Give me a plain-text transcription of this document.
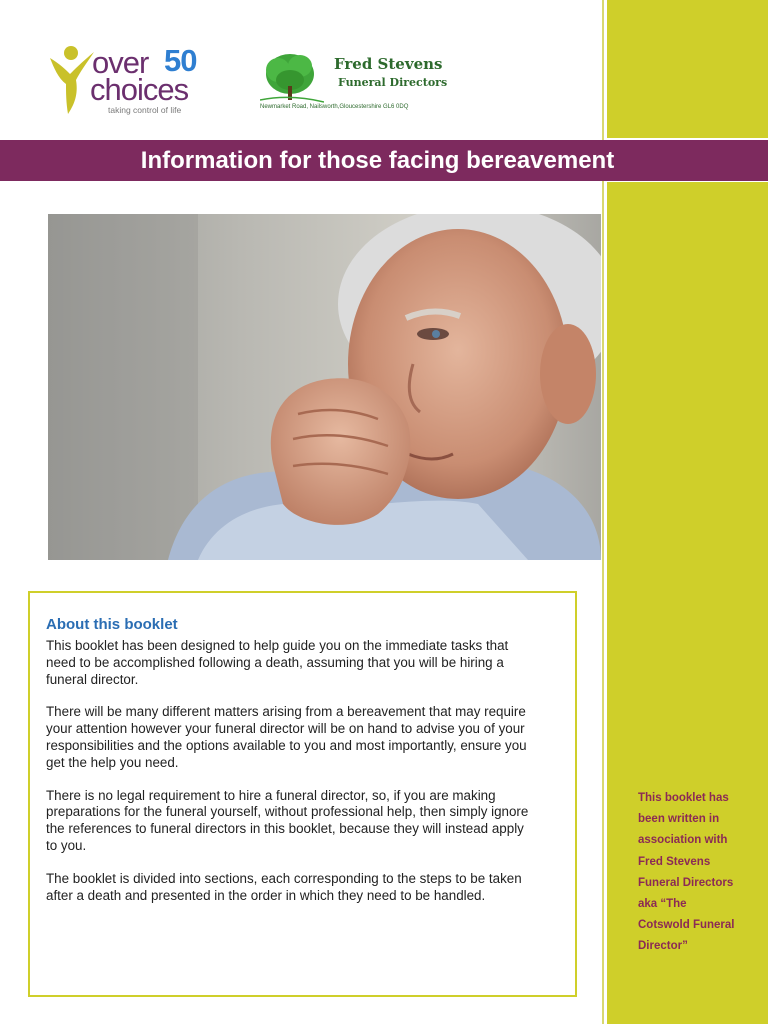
This booklet has
been written in
association with
Fred Stevens
Funeral Directors
aka “The
Cotswold Funeral
Director”

over 50
choices
taking control of life
Fred Stevens
Funeral Directors
Newmarket Road, Nailsworth,Gloucestershire GL6 0DQ
Information for those facing bereavement
About this booklet

This booklet has been designed to help guide you on the immediate tasks that need to be accomplished following a death, assuming that you will be hiring a funeral director.

There will be many different matters arising from a bereavement that may require your attention however your funeral director will be on hand to advise you of your responsibilities and the options available to you and most importantly, ensure you get the help you need.

There is no legal requirement to hire a funeral director, so, if you are making preparations for the funeral yourself, without professional help, then simply ignore the references to funeral directors in this booklet, because they will instead apply to you.

The booklet is divided into sections, each corresponding to the steps to be taken after a death and presented in the order in which they need to be handled.
